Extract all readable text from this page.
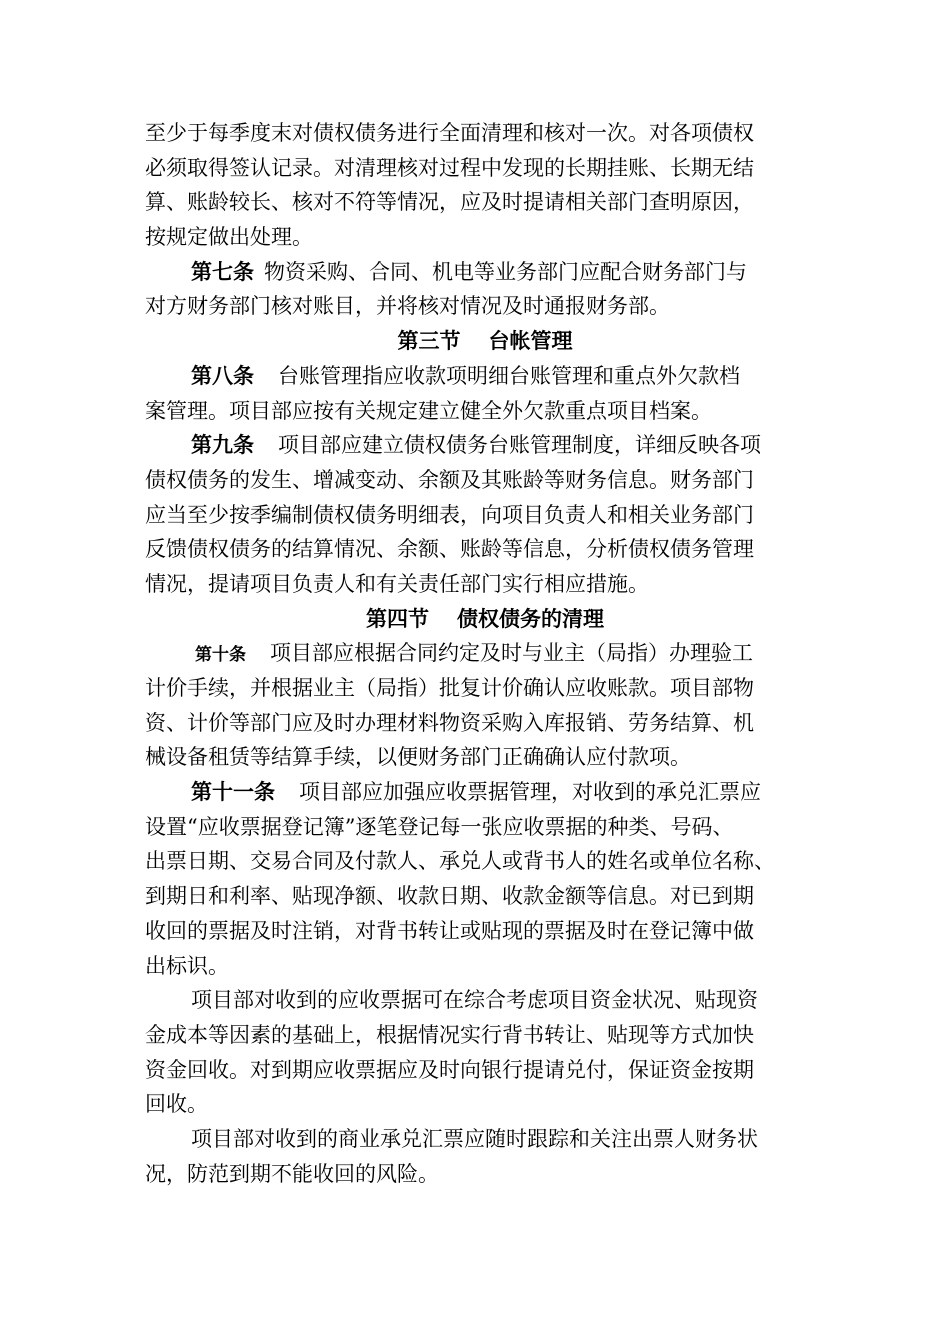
至少于每季度末对债权债务进行全面清理和核对一次。对各项债权
必须取得签认记录。对清理核对过程中发现的长期挂账、长期无结
算、账龄较长、核对不符等情况，应及时提请相关部门查明原因，
按规定做出处理。
第七条 物资采购、合同、机电等业务部门应配合财务部门与
对方财务部门核对账目，并将核对情况及时通报财务部。
第三节 台帐管理
第八条 台账管理指应收款项明细台账管理和重点外欠款档
案管理。项目部应按有关规定建立健全外欠款重点项目档案。
第九条 项目部应建立债权债务台账管理制度，详细反映各项
债权债务的发生、增减变动、余额及其账龄等财务信息。财务部门
应当至少按季编制债权债务明细表，向项目负责人和相关业务部门
反馈债权债务的结算情况、余额、账龄等信息，分析债权债务管理
情况，提请项目负责人和有关责任部门实行相应措施。
第四节 债权债务的清理
第十条 项目部应根据合同约定及时与业主（局指）办理验工
计价手续，并根据业主（局指）批复计价确认应收账款。项目部物
资、计价等部门应及时办理材料物资采购入库报销、劳务结算、机
械设备租赁等结算手续，以便财务部门正确确认应付款项。
第十一条 项目部应加强应收票据管理，对收到的承兑汇票应
设置“应收票据登记簿”逐笔登记每一张应收票据的种类、号码、
出票日期、交易合同及付款人、承兑人或背书人的姓名或单位名称、
到期日和利率、贴现净额、收款日期、收款金额等信息。对已到期
收回的票据及时注销，对背书转让或贴现的票据及时在登记簿中做
出标识。
项目部对收到的应收票据可在综合考虑项目资金状况、贴现资
金成本等因素的基础上，根据情况实行背书转让、贴现等方式加快
资金回收。对到期应收票据应及时向银行提请兑付，保证资金按期
回收。
项目部对收到的商业承兑汇票应随时跟踪和关注出票人财务状
况，防范到期不能收回的风险。
